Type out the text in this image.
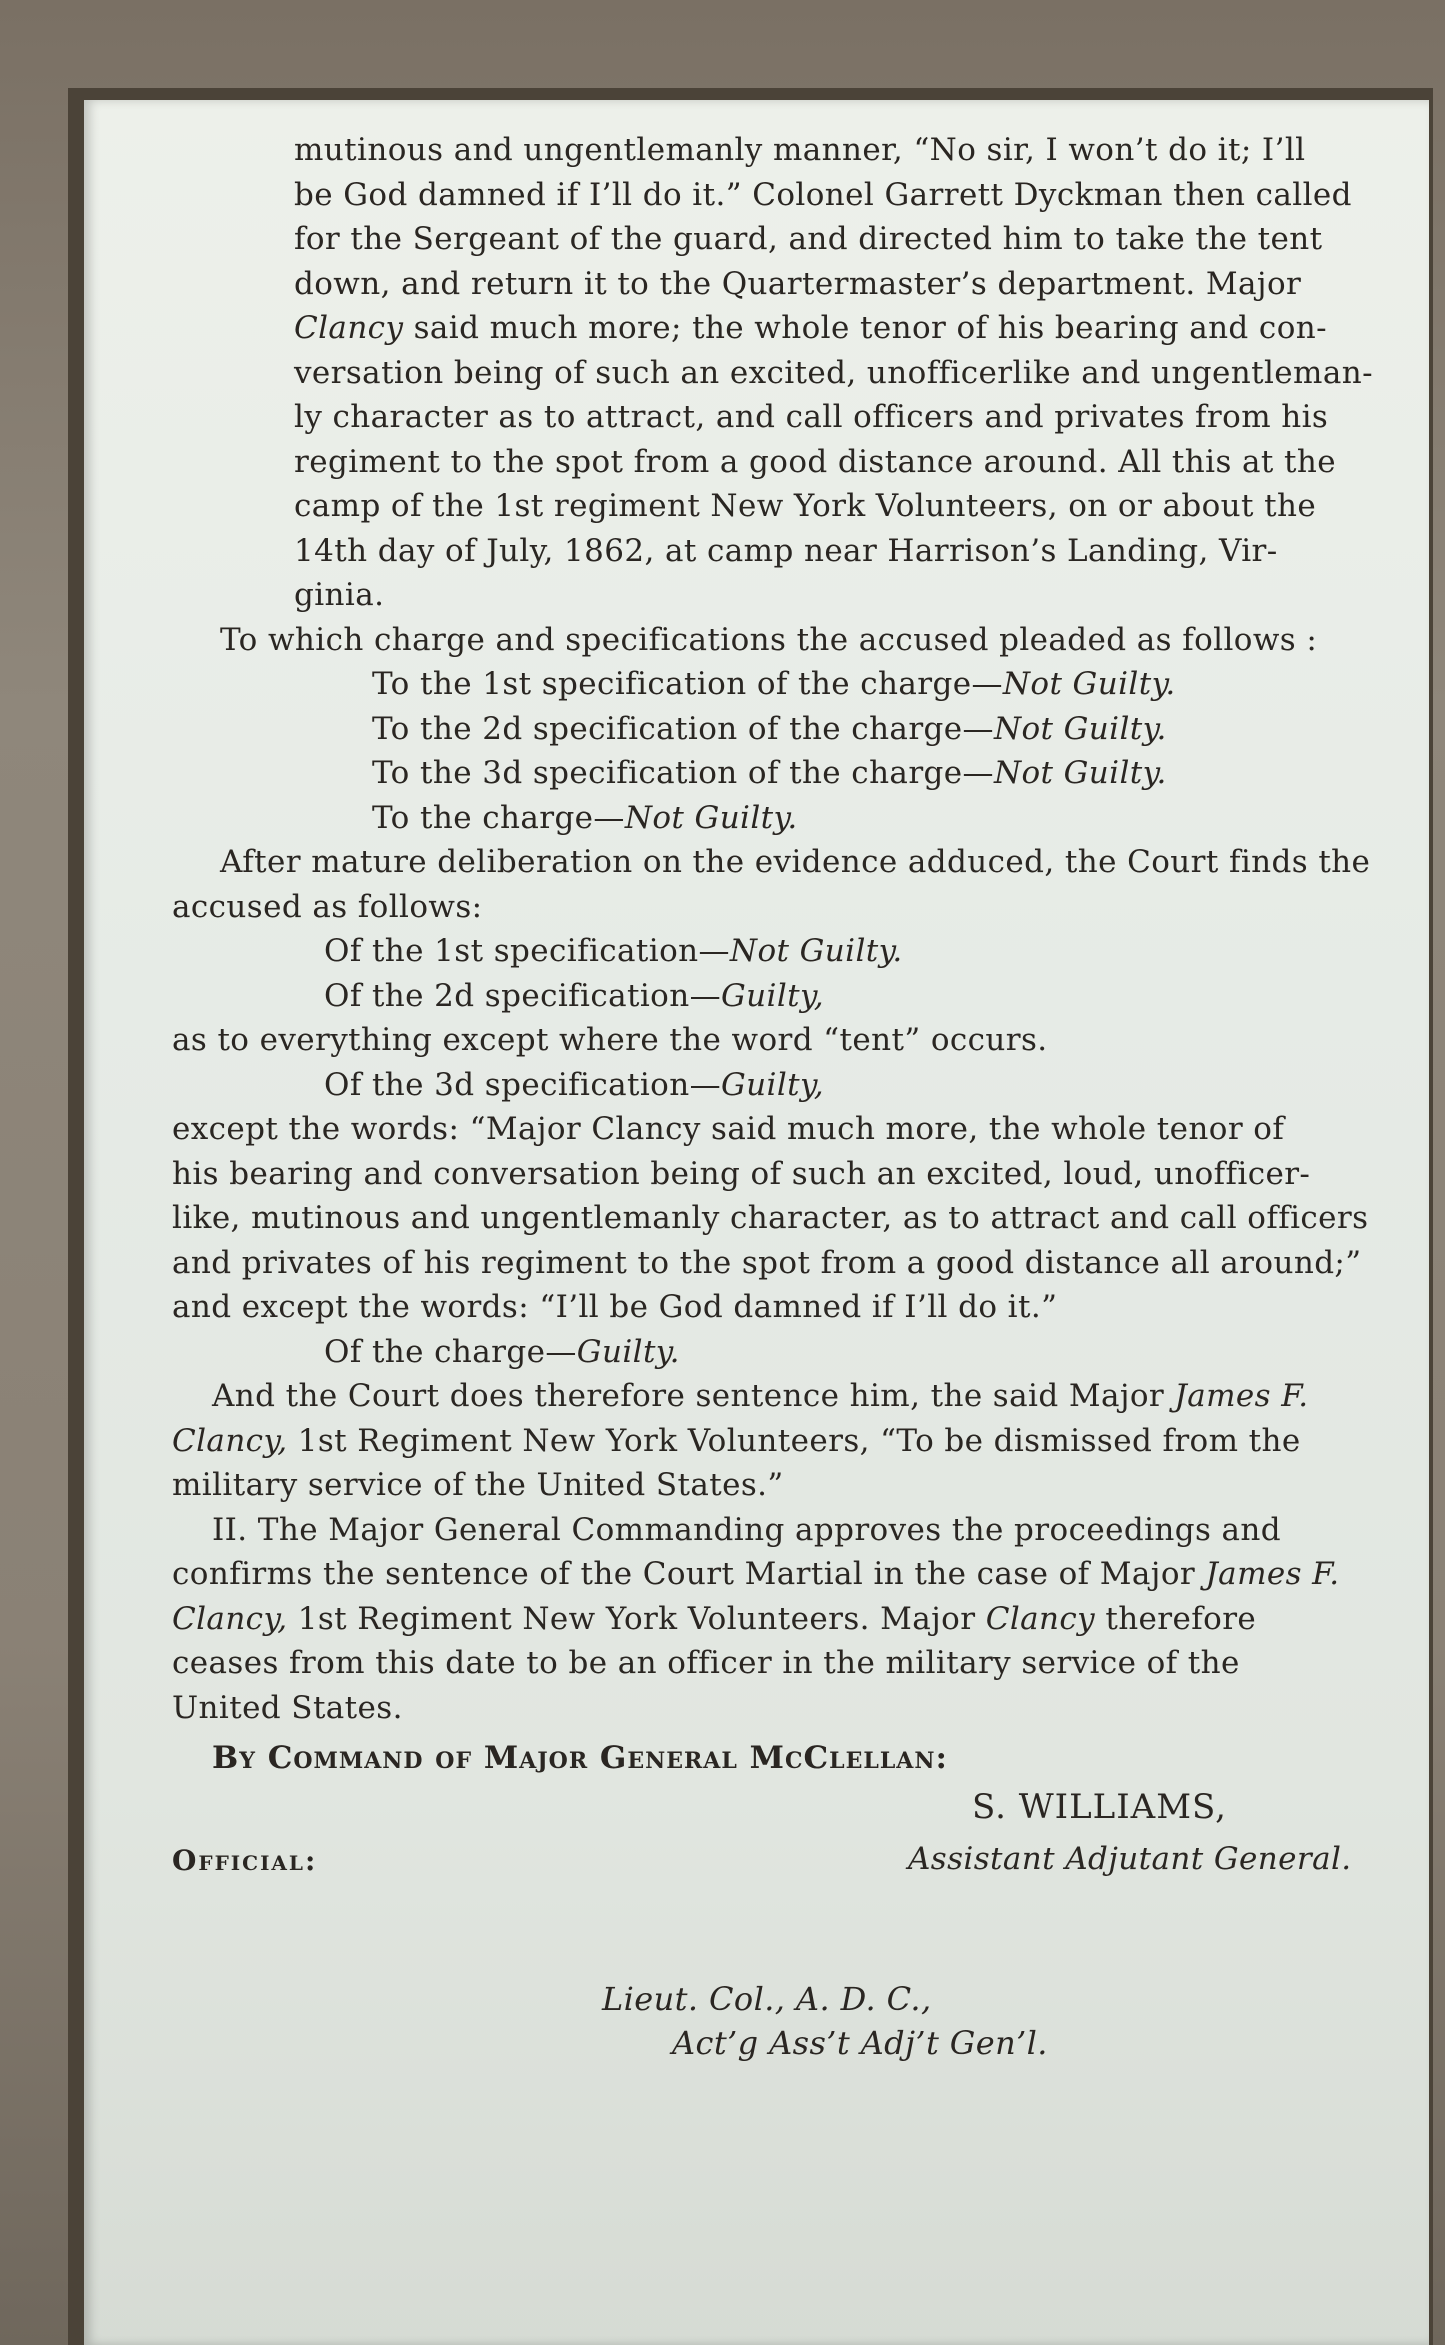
mutinous and ungentlemanly manner, “No sir, I won’t do it; I’ll

be God damned if I’ll do it.” Colonel Garrett Dyckman then called

for the Sergeant of the guard, and directed him to take the tent

down, and return it to the Quartermaster’s department. Major

Clancy said much more; the whole tenor of his bearing and con-

versation being of such an excited, unofficerlike and ungentleman-

ly character as to attract, and call officers and privates from his

regiment to the spot from a good distance around. All this at the

camp of the 1st regiment New York Volunteers, on or about the

14th day of July, 1862, at camp near Harrison’s Landing, Vir-

ginia.

To which charge and specifications the accused pleaded as follows :

To the 1st specification of the charge—Not Guilty.

To the 2d specification of the charge—Not Guilty.

To the 3d specification of the charge—Not Guilty.

To the charge—Not Guilty.

After mature deliberation on the evidence adduced, the Court finds the

accused as follows:

Of the 1st specification—Not Guilty.

Of the 2d specification—Guilty,

as to everything except where the word “tent” occurs.

Of the 3d specification—Guilty,

except the words: “Major Clancy said much more, the whole tenor of

his bearing and conversation being of such an excited, loud, unofficer-

like, mutinous and ungentlemanly character, as to attract and call officers

and privates of his regiment to the spot from a good distance all around;”

and except the words: “I’ll be God damned if I’ll do it.”

Of the charge—Guilty.

And the Court does therefore sentence him, the said Major James F.

Clancy, 1st Regiment New York Volunteers, “To be dismissed from the

military service of the United States.”

II. The Major General Commanding approves the proceedings and

confirms the sentence of the Court Martial in the case of Major James F.

Clancy, 1st Regiment New York Volunteers. Major Clancy therefore

ceases from this date to be an officer in the military service of the

United States.

By Command of Major General McClellan:

S. WILLIAMS,
Official:	Assistant Adjutant General.

Lieut. Col., A. D. C.,

Act’g Ass’t Adj’t Gen’l.
